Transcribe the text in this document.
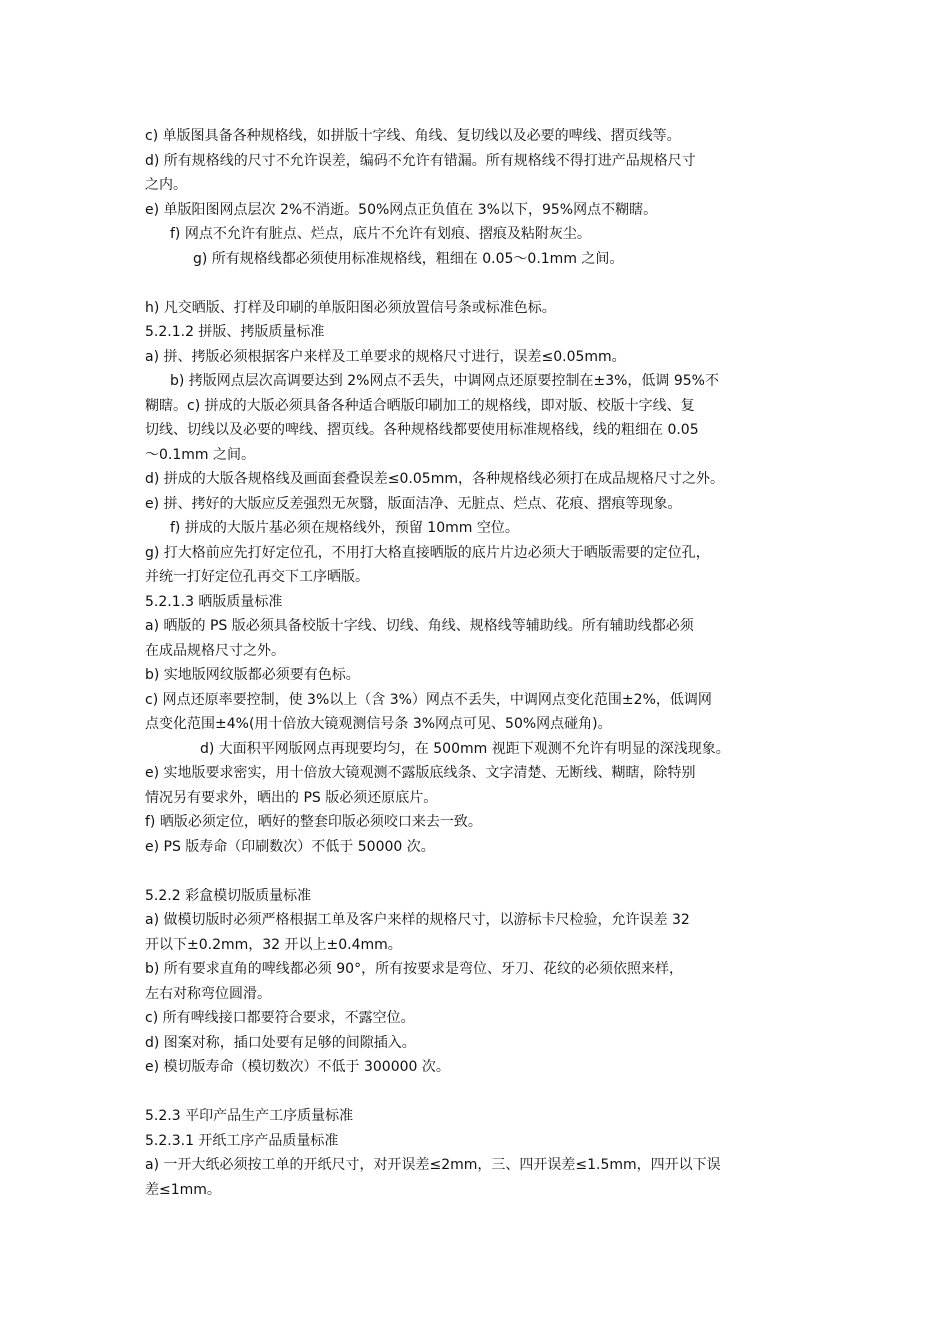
c) 单版图具备各种规格线，如拼版十字线、角线、复切线以及必要的啤线、摺页线等。
d) 所有规格线的尺寸不允许误差，编码不允许有错漏。所有规格线不得打进产品规格尺寸
之内。
e) 单版阳图网点层次 2%不消逝。50%网点正负值在 3%以下，95%网点不糊瞎。
f) 网点不允许有脏点、烂点，底片不允许有划痕、摺痕及粘附灰尘。
g) 所有规格线都必须使用标准规格线，粗细在 0.05～0.1mm 之间。
h) 凡交晒版、打样及印刷的单版阳图必须放置信号条或标准色标。
5.2.1.2 拼版、拷版质量标准
a) 拼、拷版必须根据客户来样及工单要求的规格尺寸进行，误差≤0.05mm。
b) 拷版网点层次高调要达到 2%网点不丢失，中调网点还原要控制在±3%，低调 95%不
糊瞎。c) 拼成的大版必须具备各种适合晒版印刷加工的规格线，即对版、校版十字线、复
切线、切线以及必要的啤线、摺页线。各种规格线都要使用标准规格线，线的粗细在 0.05
～0.1mm 之间。
d) 拼成的大版各规格线及画面套叠误差≤0.05mm，各种规格线必须打在成品规格尺寸之外。
e) 拼、拷好的大版应反差强烈无灰翳，版面洁净、无脏点、烂点、花痕、摺痕等现象。
f) 拼成的大版片基必须在规格线外，预留 10mm 空位。
g) 打大格前应先打好定位孔，不用打大格直接晒版的底片片边必须大于晒版需要的定位孔，
并统一打好定位孔再交下工序晒版。
5.2.1.3 晒版质量标准
a) 晒版的 PS 版必须具备校版十字线、切线、角线、规格线等辅助线。所有辅助线都必须
在成品规格尺寸之外。
b) 实地版网纹版都必须要有色标。
c) 网点还原率要控制，使 3%以上（含 3%）网点不丢失，中调网点变化范围±2%，低调网
点变化范围±4%(用十倍放大镜观测信号条 3%网点可见、50%网点碰角)。
d) 大面积平网版网点再现要均匀，在 500mm 视距下观测不允许有明显的深浅现象。
e) 实地版要求密实，用十倍放大镜观测不露版底线条、文字清楚、无断线、糊瞎，除特别
情况另有要求外，晒出的 PS 版必须还原底片。
f) 晒版必须定位，晒好的整套印版必须咬口来去一致。
e) PS 版寿命（印刷数次）不低于 50000 次。
5.2.2 彩盒模切版质量标准
a) 做模切版时必须严格根据工单及客户来样的规格尺寸，以游标卡尺检验，允许误差 32
开以下±0.2mm，32 开以上±0.4mm。
b) 所有要求直角的啤线都必须 90°，所有按要求是弯位、牙刀、花纹的必须依照来样，
左右对称弯位圆滑。
c) 所有啤线接口都要符合要求，不露空位。
d) 图案对称，插口处要有足够的间隙插入。
e) 模切版寿命（模切数次）不低于 300000 次。
5.2.3 平印产品生产工序质量标准
5.2.3.1 开纸工序产品质量标准
a) 一开大纸必须按工单的开纸尺寸，对开误差≤2mm，三、四开误差≤1.5mm，四开以下误
差≤1mm。
